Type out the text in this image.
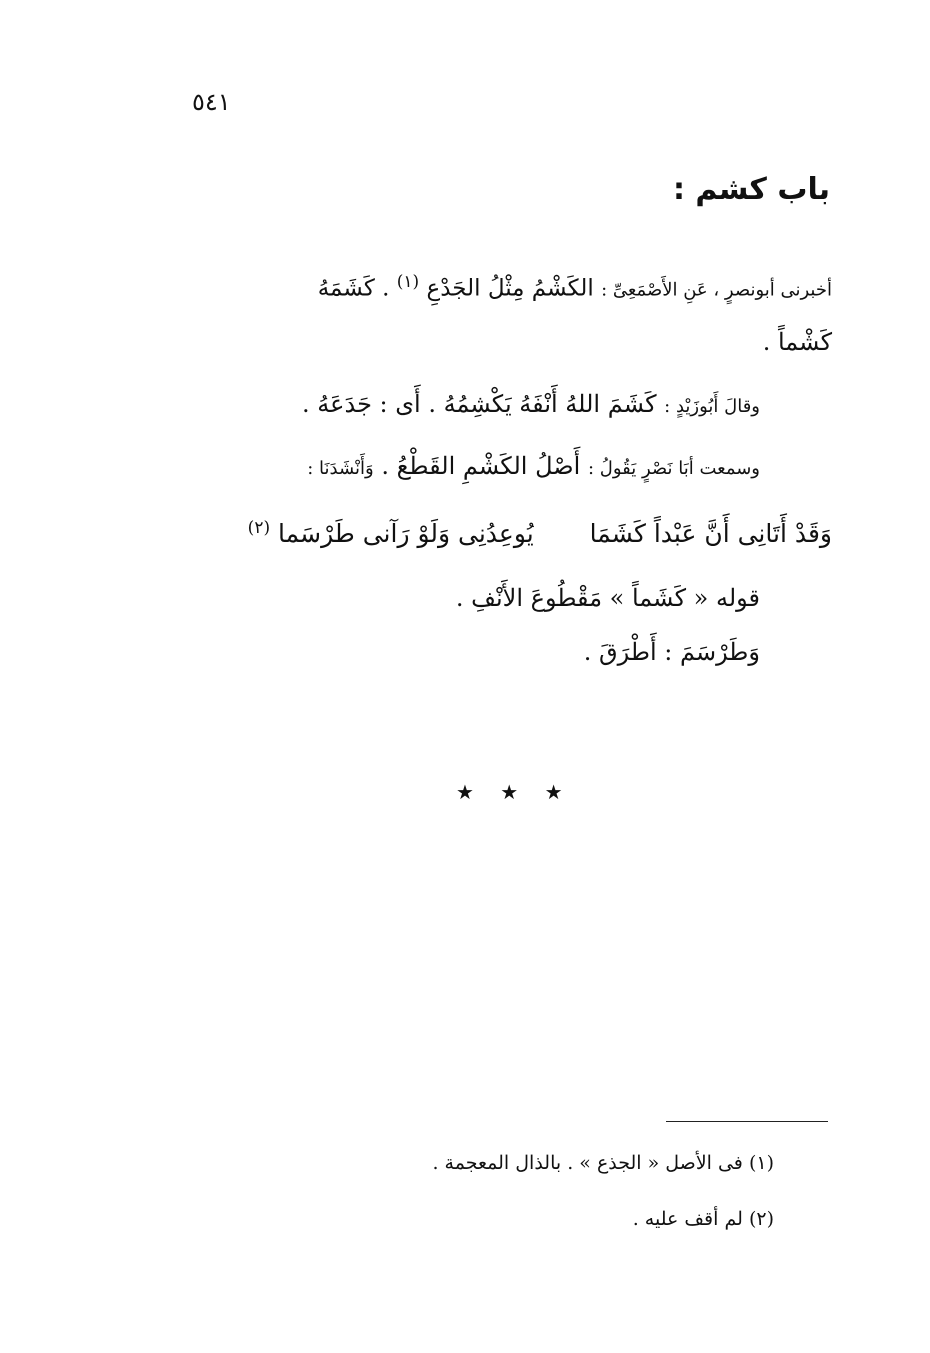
٥٤١
باب كشم :
أخبرنى أبونصرٍ ، عَنِ الأَصْمَعِىِّ : الكَشْمُ مِثْلُ الجَدْعِ $^{(١)}$ . كَشَمَهُ
كَشْماً .
وقالَ أَبُوزَيْدٍ : كَشَمَ اللهُ أَنْفَهُ يَكْشِمُهُ . أَى : جَدَعَهُ .
وسمعت أبَا نَصْرٍ يَقُولُ : أَصْلُ الكَشْمِ القَطْعُ . وَأَنْشَدَنَا :
وَقَدْ أَتَانِى أَنَّ عَبْداً كَشَمَا  يُوعِدُنِى وَلَوْ رَآنى طَرْسَما $^{(٢)}$
قوله « كَشَماً » مَقْطُوعَ الأَنْفِ .
وَطَرْسَمَ : أَطْرَقَ .
★ ★ ★
(١) فى الأصل « الجذع » . بالذال المعجمة .
(٢) لم أقف عليه .
